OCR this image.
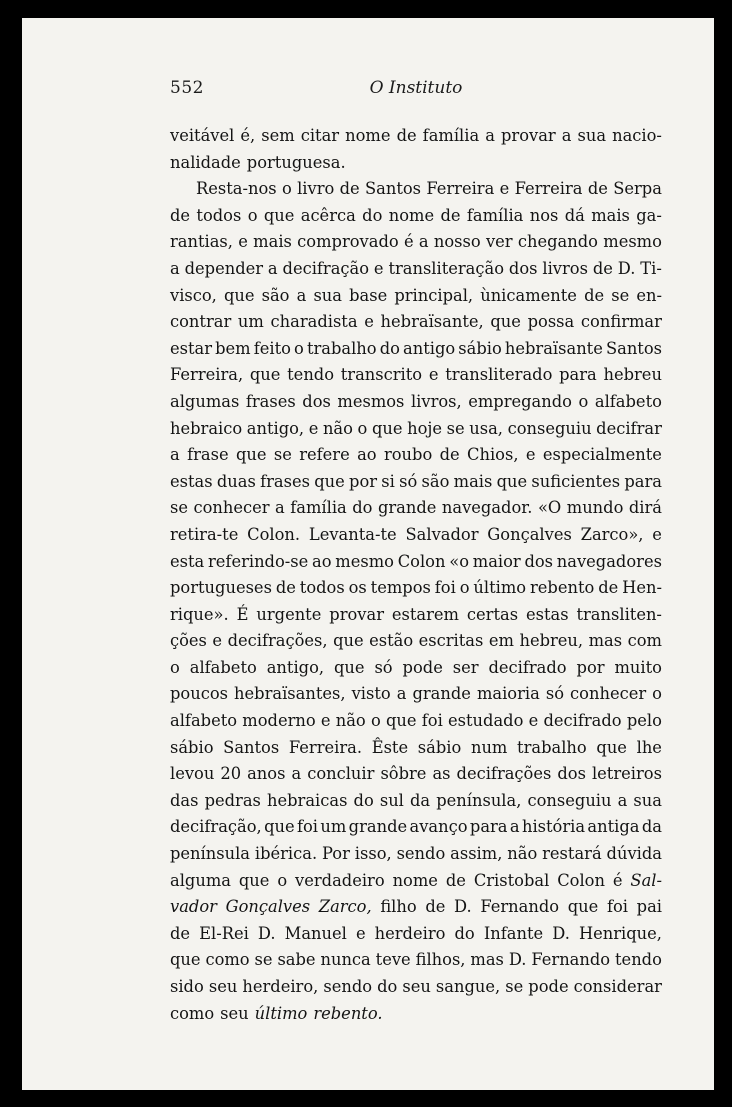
552	O Instituto
veitável é, sem citar nome de família a provar a sua nacio-
nalidade portuguesa.
Resta-nos o livro de Santos Ferreira e Ferreira de Serpa
de todos o que acêrca do nome de família nos dá mais ga-
rantias, e mais comprovado é a nosso ver chegando mesmo
a depender a decifração e transliteração dos livros de D. Ti-
visco, que são a sua base principal, ùnicamente de se en-
contrar um charadista e hebraïsante, que possa confirmar
estar bem feito o trabalho do antigo sábio hebraïsante Santos
Ferreira, que tendo transcrito e transliterado para hebreu
algumas frases dos mesmos livros, empregando o alfabeto
hebraico antigo, e não o que hoje se usa, conseguiu decifrar
a frase que se refere ao roubo de Chios, e especialmente
estas duas frases que por si só são mais que suficientes para
se conhecer a família do grande navegador. «O mundo dirá
retira-te Colon. Levanta-te Salvador Gonçalves Zarco», e
esta referindo-se ao mesmo Colon «o maior dos navegadores
portugueses de todos os tempos foi o último rebento de Hen-
rique». É urgente provar estarem certas estas transliten-
ções e decifrações, que estão escritas em hebreu, mas com
o alfabeto antigo, que só pode ser decifrado por muito
poucos hebraïsantes, visto a grande maioria só conhecer o
alfabeto moderno e não o que foi estudado e decifrado pelo
sábio Santos Ferreira. Êste sábio num trabalho que lhe
levou 20 anos a concluir sôbre as decifrações dos letreiros
das pedras hebraicas do sul da península, conseguiu a sua
decifração, que foi um grande avanço para a história antiga da
península ibérica. Por isso, sendo assim, não restará dúvida
alguma que o verdadeiro nome de Cristobal Colon é Sal-
vador Gonçalves Zarco, filho de D. Fernando que foi pai
de El-Rei D. Manuel e herdeiro do Infante D. Henrique,
que como se sabe nunca teve filhos, mas D. Fernando tendo
sido seu herdeiro, sendo do seu sangue, se pode considerar
como seu último rebento.
